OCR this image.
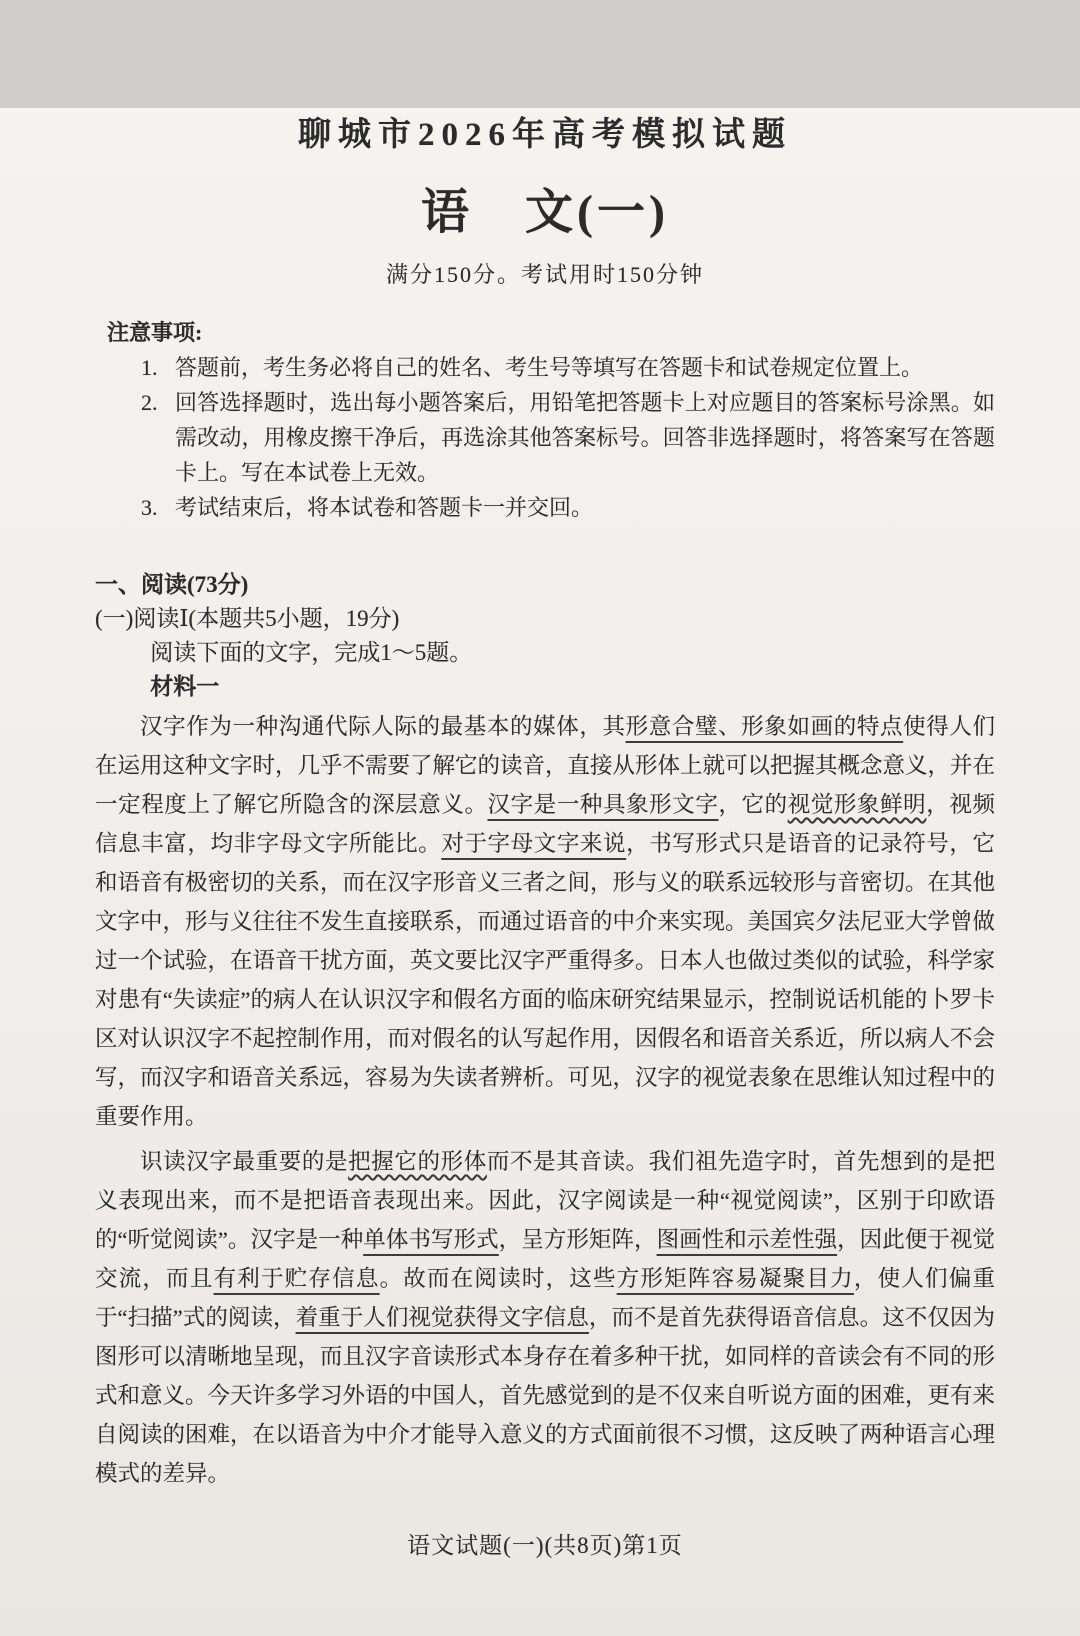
聊城市2026年高考模拟试题
语　文(一)
满分150分。考试用时150分钟
注意事项:
1. 答题前，考生务必将自己的姓名、考生号等填写在答题卡和试卷规定位置上。
2. 回答选择题时，选出每小题答案后，用铅笔把答题卡上对应题目的答案标号涂黑。如需改动，用橡皮擦干净后，再选涂其他答案标号。回答非选择题时，将答案写在答题卡上。写在本试卷上无效。
3. 考试结束后，将本试卷和答题卡一并交回。
一、阅读(73分)
(一)阅读Ⅰ(本题共5小题，19分)
阅读下面的文字，完成1～5题。
材料一

汉字作为一种沟通代际人际的最基本的媒体，其形意合璧、形象如画的特点使得人们在运用这种文字时，几乎不需要了解它的读音，直接从形体上就可以把握其概念意义，并在一定程度上了解它所隐含的深层意义。汉字是一种具象形文字，它的视觉形象鲜明，视频信息丰富，均非字母文字所能比。对于字母文字来说，书写形式只是语音的记录符号，它和语音有极密切的关系，而在汉字形音义三者之间，形与义的联系远较形与音密切。在其他文字中，形与义往往不发生直接联系，而通过语音的中介来实现。美国宾夕法尼亚大学曾做过一个试验，在语音干扰方面，英文要比汉字严重得多。日本人也做过类似的试验，科学家对患有“失读症”的病人在认识汉字和假名方面的临床研究结果显示，控制说话机能的卜罗卡区对认识汉字不起控制作用，而对假名的认写起作用，因假名和语音关系近，所以病人不会写，而汉字和语音关系远，容易为失读者辨析。可见，汉字的视觉表象在思维认知过程中的重要作用。

识读汉字最重要的是把握它的形体而不是其音读。我们祖先造字时，首先想到的是把义表现出来，而不是把语音表现出来。因此，汉字阅读是一种“视觉阅读”，区别于印欧语的“听觉阅读”。汉字是一种单体书写形式，呈方形矩阵，图画性和示差性强，因此便于视觉交流，而且有利于贮存信息。故而在阅读时，这些方形矩阵容易凝聚目力，使人们偏重于“扫描”式的阅读，着重于人们视觉获得文字信息，而不是首先获得语音信息。这不仅因为图形可以清晰地呈现，而且汉字音读形式本身存在着多种干扰，如同样的音读会有不同的形式和意义。今天许多学习外语的中国人，首先感觉到的是不仅来自听说方面的困难，更有来自阅读的困难，在以语音为中介才能导入意义的方式面前很不习惯，这反映了两种语言心理模式的差异。

语文试题(一)(共8页)第1页
